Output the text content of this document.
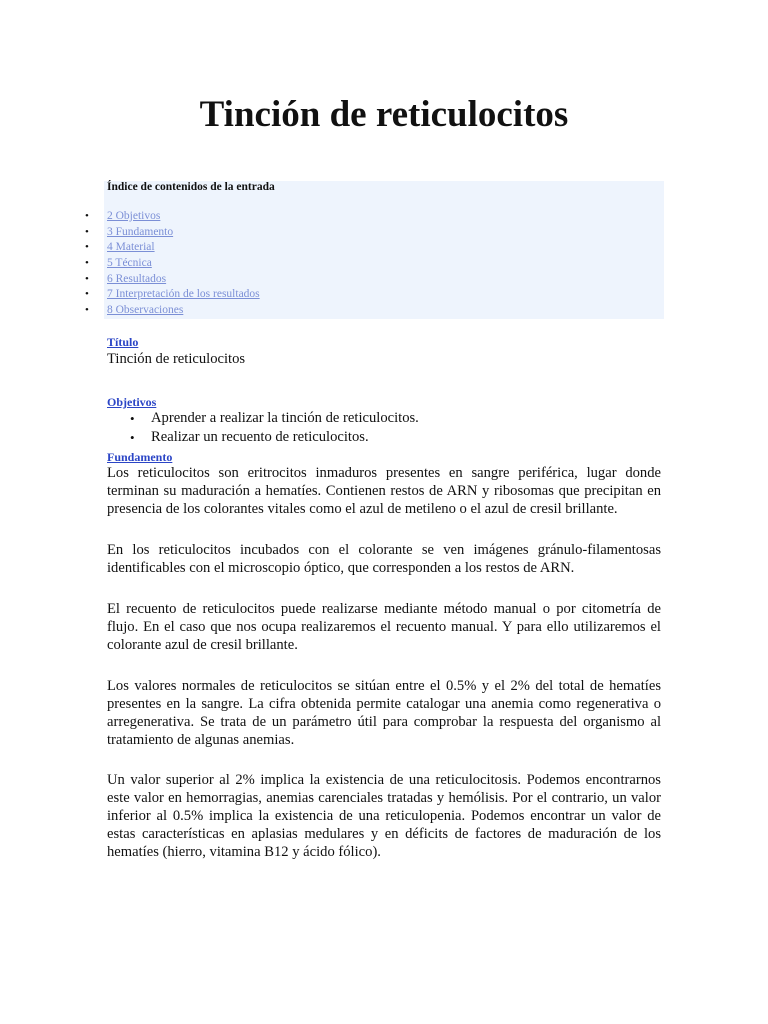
Tinción de reticulocitos
Índice de contenidos de la entrada
• 2 Objetivos
• 3 Fundamento
• 4 Material
• 5 Técnica
• 6 Resultados
• 7 Interpretación de los resultados
• 8 Observaciones
Título

Tinción de reticulocitos

Objetivos
• Aprender a realizar la tinción de reticulocitos.
• Realizar un recuento de reticulocitos.
Fundamento

Los reticulocitos son eritrocitos inmaduros presentes en sangre periférica, lugar donde terminan su maduración a hematíes. Contienen restos de ARN y ribosomas que precipitan en presencia de los colorantes vitales como el azul de metileno o el azul de cresil brillante.

En los reticulocitos incubados con el colorante se ven imágenes gránulo-filamentosas identificables con el microscopio óptico, que corresponden a los restos de ARN.

El recuento de reticulocitos puede realizarse mediante método manual o por citometría de flujo. En el caso que nos ocupa realizaremos el recuento manual. Y para ello utilizaremos el colorante azul de cresil brillante.

Los valores normales de reticulocitos se sitúan entre el 0.5% y el 2% del total de hematíes presentes en la sangre. La cifra obtenida permite catalogar una anemia como regenerativa o arregenerativa. Se trata de un parámetro útil para comprobar la respuesta del organismo al tratamiento de algunas anemias.

Un valor superior al 2% implica la existencia de una reticulocitosis. Podemos encontrarnos este valor en hemorragias, anemias carenciales tratadas y hemólisis. Por el contrario, un valor inferior al 0.5% implica la existencia de una reticulopenia. Podemos encontrar un valor de estas características en aplasias medulares y en déficits de factores de maduración de los hematíes (hierro, vitamina B12 y ácido fólico).
